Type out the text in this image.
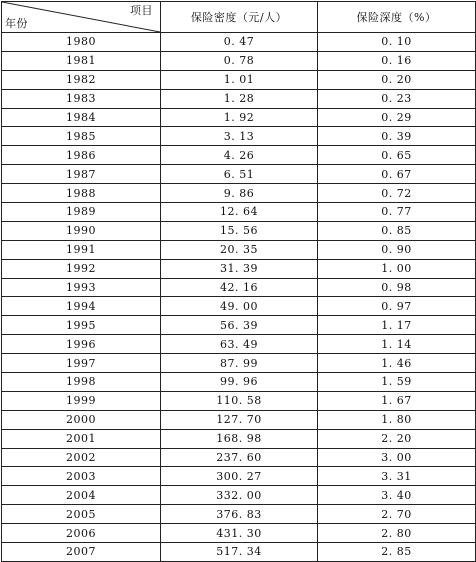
项目
年份	保险密度（元/人）	保险深度（%）
1980	0. 47	0. 10
1981	0. 78	0. 16
1982	1. 01	0. 20
1983	1. 28	0. 23
1984	1. 92	0. 29
1985	3. 13	0. 39
1986	4. 26	0. 65
1987	6. 51	0. 67
1988	9. 86	0. 72
1989	12. 64	0. 77
1990	15. 56	0. 85
1991	20. 35	0. 90
1992	31. 39	1. 00
1993	42. 16	0. 98
1994	49. 00	0. 97
1995	56. 39	1. 17
1996	63. 49	1. 14
1997	87. 99	1. 46
1998	99. 96	1. 59
1999	110. 58	1. 67
2000	127. 70	1. 80
2001	168. 98	2. 20
2002	237. 60	3. 00
2003	300. 27	3. 31
2004	332. 00	3. 40
2005	376. 83	2. 70
2006	431. 30	2. 80
2007	517. 34	2. 85
